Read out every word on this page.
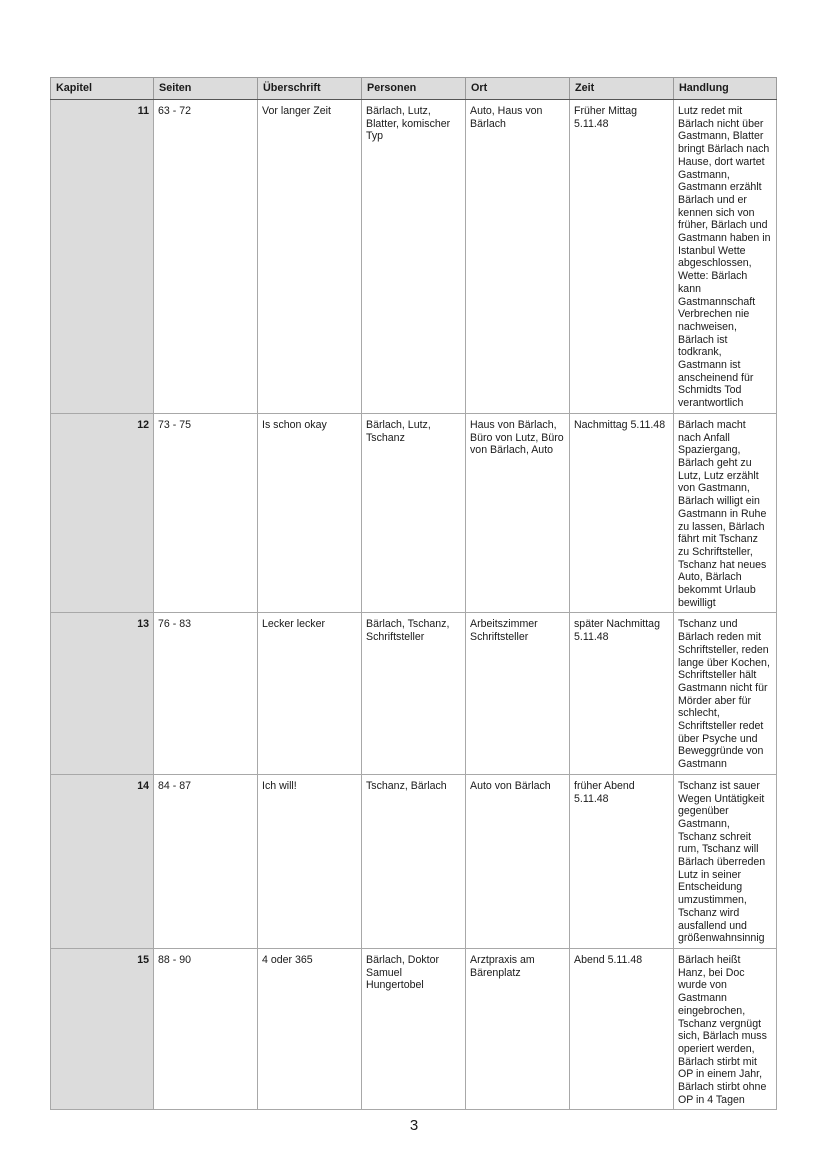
Kapitel	Seiten	Überschrift	Personen	Ort	Zeit	Handlung
11	63 - 72	Vor langer Zeit	Bärlach, Lutz, Blatter, komischer Typ	Auto, Haus von Bärlach	Früher Mittag 5.11.48	Lutz redet mit Bärlach nicht über Gastmann, Blatter bringt Bärlach nach Hause, dort wartet Gastmann, Gastmann erzählt Bärlach und er kennen sich von früher, Bärlach und Gastmann haben in Istanbul Wette abgeschlossen, Wette: Bärlach kann Gastmannschaft Verbrechen nie nachweisen, Bärlach ist todkrank, Gastmann ist anscheinend für Schmidts Tod verantwortlich
12	73 - 75	Is schon okay	Bärlach, Lutz, Tschanz	Haus von Bärlach, Büro von Lutz, Büro von Bärlach, Auto	Nachmittag 5.11.48	Bärlach macht nach Anfall Spaziergang, Bärlach geht zu Lutz, Lutz erzählt von Gastmann, Bärlach willigt ein Gastmann in Ruhe zu lassen, Bärlach fährt mit Tschanz zu Schriftsteller, Tschanz hat neues Auto, Bärlach bekommt Urlaub bewilligt
13	76 - 83	Lecker lecker	Bärlach, Tschanz, Schriftsteller	Arbeitszimmer Schriftsteller	später Nachmittag 5.11.48	Tschanz und Bärlach reden mit Schriftsteller, reden lange über Kochen, Schriftsteller hält Gastmann nicht für Mörder aber für schlecht, Schriftsteller redet über Psyche und Beweggründe von Gastmann
14	84 - 87	Ich will!	Tschanz, Bärlach	Auto von Bärlach	früher Abend 5.11.48	Tschanz ist sauer Wegen Untätigkeit gegenüber Gastmann, Tschanz schreit rum, Tschanz will Bärlach überreden Lutz in seiner Entscheidung umzustimmen, Tschanz wird ausfallend und größenwahnsinnig
15	88 - 90	4 oder 365	Bärlach, Doktor Samuel Hungertobel	Arztpraxis am Bärenplatz	Abend 5.11.48	Bärlach heißt Hanz, bei Doc wurde von Gastmann eingebrochen, Tschanz vergnügt sich, Bärlach muss operiert werden, Bärlach stirbt mit OP in einem Jahr, Bärlach stirbt ohne OP in 4 Tagen
3
